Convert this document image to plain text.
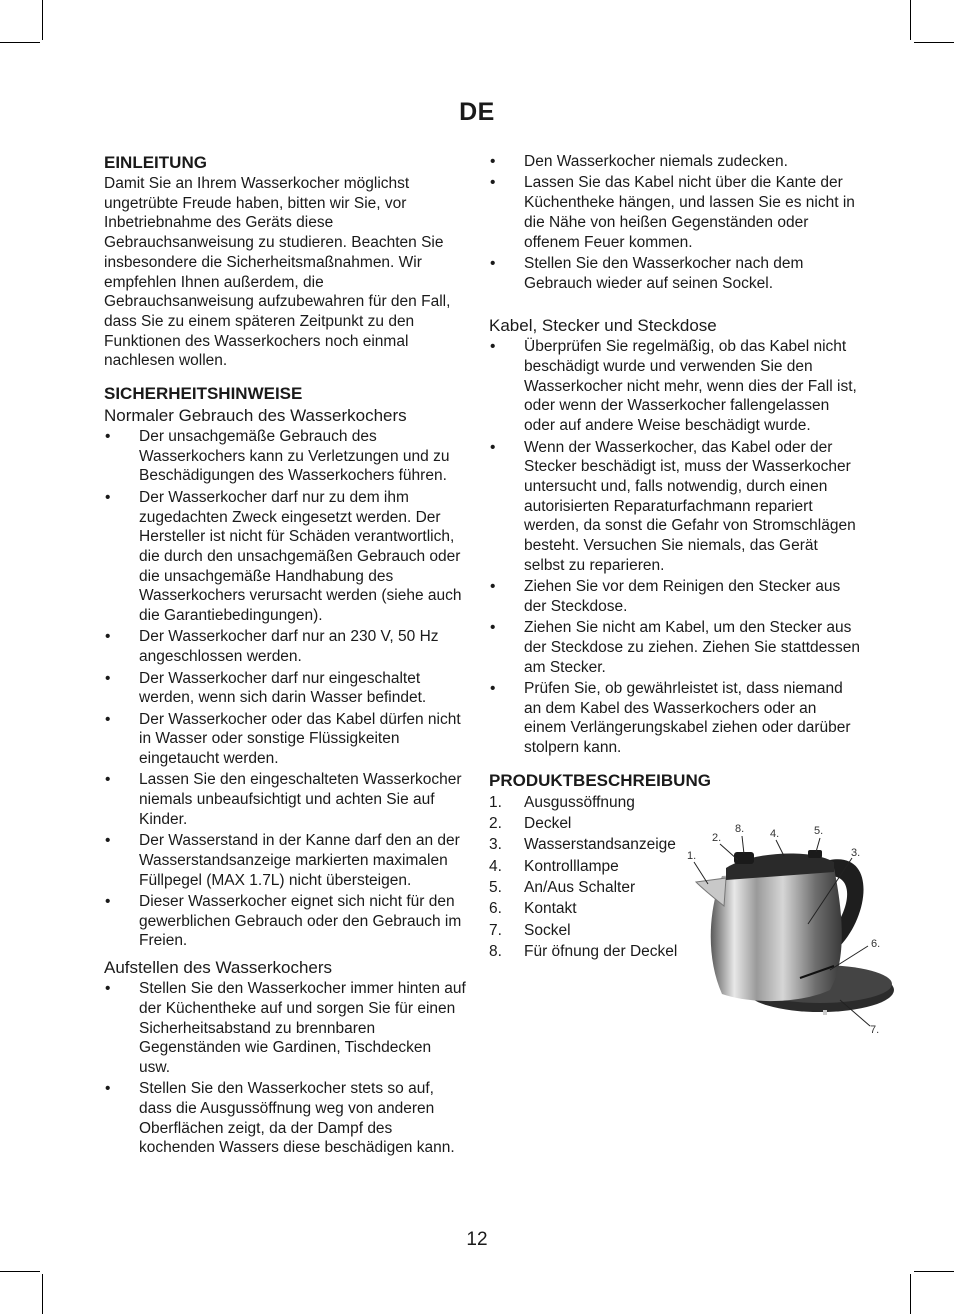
DE
EINLEITUNG

Damit Sie an Ihrem Wasserkocher möglichst ungetrübte Freude haben, bitten wir Sie, vor Inbetriebnahme des Geräts diese Gebrauchsanweisung zu studieren. Beachten Sie insbesondere die Sicherheitsmaßnahmen. Wir empfehlen Ihnen außerdem, die Gebrauchsanweisung aufzubewahren für den Fall, dass Sie zu einem späteren Zeitpunkt zu den Funktionen des Wasserkochers noch einmal nachlesen wollen.

SICHERHEITSHINWEISE
Normaler Gebrauch des Wasserkochers
• Der unsachgemäße Gebrauch des Wasserkochers kann zu Verletzungen und zu Beschädigungen des Wasserkochers führen.
• Der Wasserkocher darf nur zu dem ihm zugedachten Zweck eingesetzt werden. Der Hersteller ist nicht für Schäden verantwortlich, die durch den unsachgemäßen Gebrauch oder die unsachgemäße Handhabung des Wasserkochers verursacht werden (siehe auch die Garantiebedingungen).
• Der Wasserkocher darf nur an 230 V, 50 Hz angeschlossen werden.
• Der Wasserkocher darf nur eingeschaltet werden, wenn sich darin Wasser befindet.
• Der Wasserkocher oder das Kabel dürfen nicht in Wasser oder sonstige Flüssigkeiten eingetaucht werden.
• Lassen Sie den eingeschalteten Wasserkocher niemals unbeaufsichtigt und achten Sie auf Kinder.
• Der Wasserstand in der Kanne darf den an der Wasserstandsanzeige markierten maximalen Füllpegel (MAX 1.7L) nicht übersteigen.
• Dieser Wasserkocher eignet sich nicht für den gewerblichen Gebrauch oder den Gebrauch im Freien.
Aufstellen des Wasserkochers
• Stellen Sie den Wasserkocher immer hinten auf der Küchentheke auf und sorgen Sie für einen Sicherheitsabstand zu brennbaren Gegenständen wie Gardinen, Tischdecken usw.
• Stellen Sie den Wasserkocher stets so auf, dass die Ausgussöffnung weg von anderen Oberflächen zeigt, da der Dampf des kochenden Wassers diese beschädigen kann.
• Den Wasserkocher niemals zudecken.
• Lassen Sie das Kabel nicht über die Kante der Küchentheke hängen, und lassen Sie es nicht in die Nähe von heißen Gegenständen oder offenem Feuer kommen.
• Stellen Sie den Wasserkocher nach dem Gebrauch wieder auf seinen Sockel.
Kabel, Stecker und Steckdose
• Überprüfen Sie regelmäßig, ob das Kabel nicht beschädigt wurde und verwenden Sie den Wasserkocher nicht mehr, wenn dies der Fall ist, oder wenn der Wasserkocher fallengelassen oder auf andere Weise beschädigt wurde.
• Wenn der Wasserkocher, das Kabel oder der Stecker beschädigt ist, muss der Wasserkocher untersucht und, falls notwendig, durch einen autorisierten Reparaturfachmann repariert werden, da sonst die Gefahr von Stromschlägen besteht. Versuchen Sie niemals, das Gerät selbst zu reparieren.
• Ziehen Sie vor dem Reinigen den Stecker aus der Steckdose.
• Ziehen Sie nicht am Kabel, um den Stecker aus der Steckdose zu ziehen. Ziehen Sie stattdessen am Stecker.
• Prüfen Sie, ob gewährleistet ist, dass niemand an dem Kabel des Wasserkochers oder an einem Verlängerungskabel ziehen oder darüber stolpern kann.
PRODUKTBESCHREIBUNG
1. Ausgussöffnung
2. Deckel
3. Wasserstandsanzeige
4. Kontrolllampe
5. An/Aus Schalter
6. Kontakt
7. Sockel
8. Für öfnung der Deckel
1.
2.
3.
4.	5.
6.
7.
8.
12
